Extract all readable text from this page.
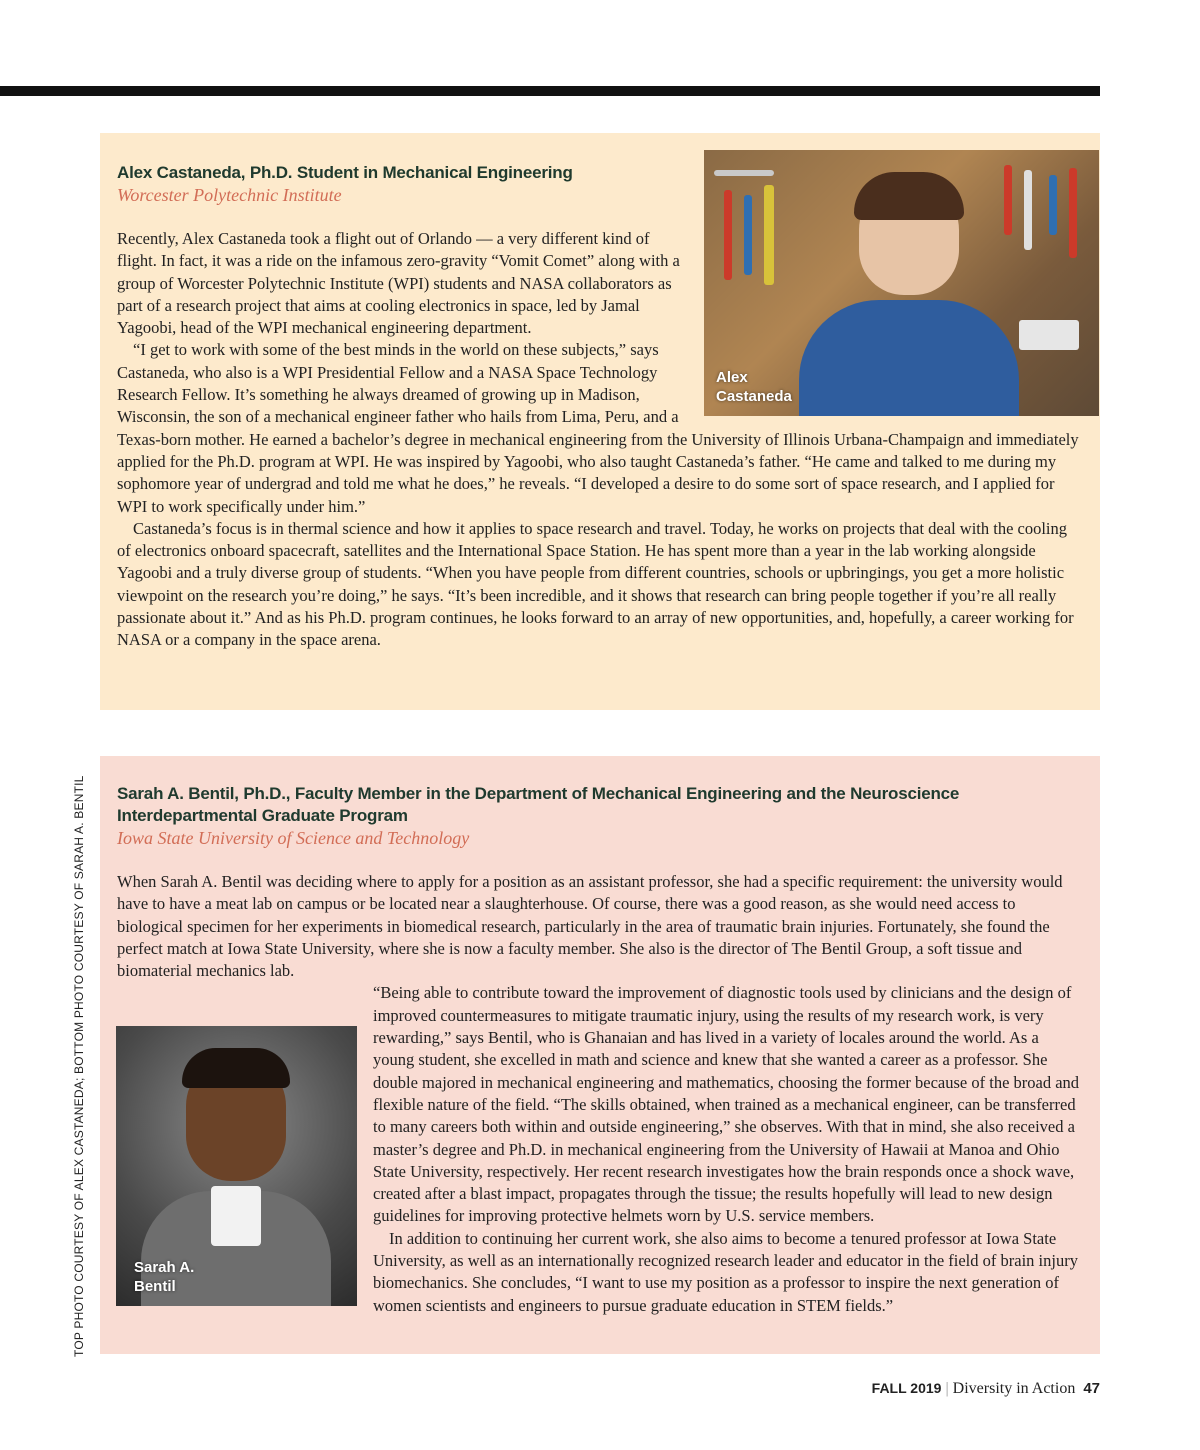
TOP PHOTO COURTESY OF ALEX CASTANEDA; BOTTOM PHOTO COURTESY OF SARAH A. BENTIL
Alex Castaneda
Alex Castaneda, Ph.D. Student in Mechanical Engineering
Worcester Polytechnic Institute

Recently, Alex Castaneda took a flight out of Orlando — a very different kind of flight. In fact, it was a ride on the infamous zero-gravity “Vomit Comet” along with a group of Worcester Polytechnic Institute (WPI) students and NASA collaborators as part of a research project that aims at cooling electronics in space, led by Jamal Yagoobi, head of the WPI mechanical engineering department.

“I get to work with some of the best minds in the world on these subjects,” says Castaneda, who also is a WPI Presidential Fellow and a NASA Space Technology Research Fellow. It’s something he always dreamed of growing up in Madison, Wisconsin, the son of a mechanical engineer father who hails from Lima, Peru, and a Texas-born mother. He earned a bachelor’s degree in mechanical engineering from the University of Illinois Urbana-Champaign and immediately applied for the Ph.D. program at WPI. He was inspired by Yagoobi, who also taught Castaneda’s father. “He came and talked to me during my sophomore year of undergrad and told me what he does,” he reveals. “I developed a desire to do some sort of space research, and I applied for WPI to work specifically under him.”

Castaneda’s focus is in thermal science and how it applies to space research and travel. Today, he works on projects that deal with the cooling of electronics onboard spacecraft, satellites and the International Space Station. He has spent more than a year in the lab working alongside Yagoobi and a truly diverse group of students. “When you have people from different countries, schools or upbringings, you get a more holistic viewpoint on the research you’re doing,” he says. “It’s been incredible, and it shows that research can bring people together if you’re all really passionate about it.” And as his Ph.D. program continues, he looks forward to an array of new opportunities, and, hopefully, a career working for NASA or a company in the space arena.

Sarah A. Bentil, Ph.D., Faculty Member in the Department of Mechanical Engineering and the Neuroscience Interdepartmental Graduate Program
Iowa State University of Science and Technology

When Sarah A. Bentil was deciding where to apply for a position as an assistant professor, she had a specific requirement: the university would have to have a meat lab on campus or be located near a slaughterhouse. Of course, there was a good reason, as she would need access to biological specimen for her experiments in biomedical research, particularly in the area of traumatic brain injuries. Fortunately, she found the perfect match at Iowa State University, where she is now a faculty member. She also is the director of The Bentil Group, a soft tissue and biomaterial mechanics lab.

Sarah A. Bentil

“Being able to contribute toward the improvement of diagnostic tools used by clinicians and the design of improved countermeasures to mitigate traumatic injury, using the results of my research work, is very rewarding,” says Bentil, who is Ghanaian and has lived in a variety of locales around the world. As a young student, she excelled in math and science and knew that she wanted a career as a professor. She double majored in mechanical engineering and mathematics, choosing the former because of the broad and flexible nature of the field. “The skills obtained, when trained as a mechanical engineer, can be transferred to many careers both within and outside engineering,” she observes. With that in mind, she also received a master’s degree and Ph.D. in mechanical engineering from the University of Hawaii at Manoa and Ohio State University, respectively. Her recent research investigates how the brain responds once a shock wave, created after a blast impact, propagates through the tissue; the results hopefully will lead to new design guidelines for improving protective helmets worn by U.S. service members.

In addition to continuing her current work, she also aims to become a tenured professor at Iowa State University, as well as an internationally recognized research leader and educator in the field of brain injury biomechanics. She concludes, “I want to use my position as a professor to inspire the next generation of women scientists and engineers to pursue graduate education in STEM fields.”

FALL 2019 | Diversity in Action 47
